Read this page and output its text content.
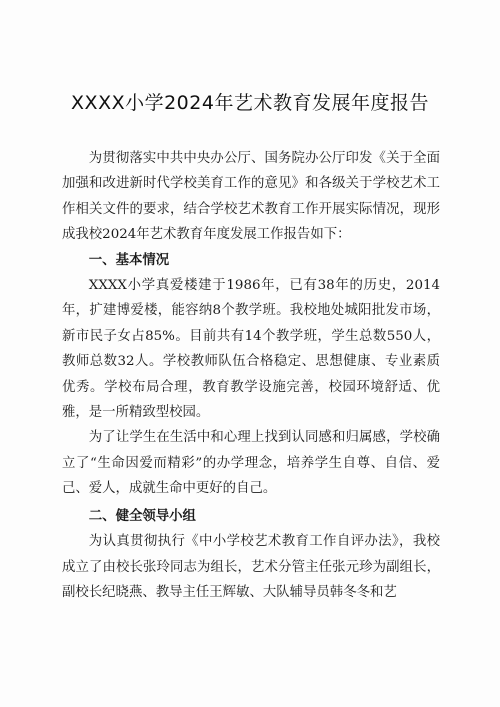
XXXX小学2024年艺术教育发展年度报告

为贯彻落实中共中央办公厅、国务院办公厅印发《关于全面加强和改进新时代学校美育工作的意见》和各级关于学校艺术工作相关文件的要求，结合学校艺术教育工作开展实际情况，现形成我校2024年艺术教育年度发展工作报告如下：

一、基本情况

XXXX小学真爱楼建于1986年，已有38年的历史，2014年，扩建博爱楼，能容纳8个教学班。我校地处城阳批发市场，新市民子女占85%。目前共有14个教学班，学生总数550人，教师总数32人。学校教师队伍合格稳定、思想健康、专业素质优秀。学校布局合理，教育教学设施完善，校园环境舒适、优雅，是一所精致型校园。

为了让学生在生活中和心理上找到认同感和归属感，学校确立了“生命因爱而精彩”的办学理念，培养学生自尊、自信、爱己、爱人，成就生命中更好的自己。

二、健全领导小组

为认真贯彻执行《中小学校艺术教育工作自评办法》，我校成立了由校长张玲同志为组长，艺术分管主任张元珍为副组长，副校长纪晓燕、教导主任王辉敏、大队辅导员韩冬冬和艺
